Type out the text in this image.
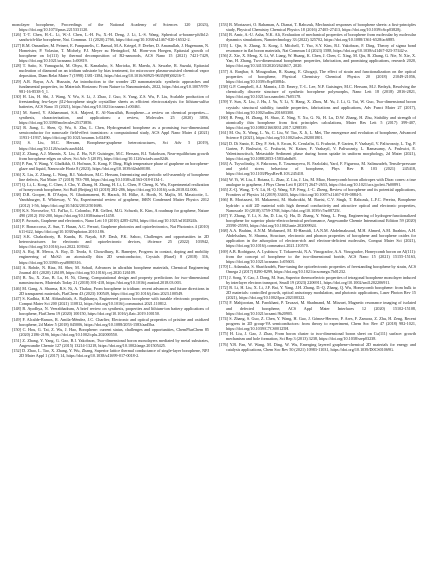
monolayer borophene, Proceedings of the National Academy of Sciences 120 (2023), https://doi.org/10.1073/pnas.2215331120.

[126] T.-T. Chen, H.-L. Li, W.-J. Chen, L.-H. Fu, X.-H. Deng, J. Li, L.-S. Wang, Spherical α-borane-ph3b12: sandwich-like borophene, Nat. Commun. 11 (2020) 2766, https://doi.org/10.1038/s41467-020-16532-2.

[127] R.M. Osnaniker, M. Peinert, E. Fampanelis, C. Bansal, M.A. Kriegel, F. Dreher, D. Amanullah, J. Hagemann, N. Homeister, P. Volastar, T. Michely, P.J. Meyer zu Heringdorf, M. Horn-von Hoegen, Epitaxial growth of borophene on Ir(111) by thermal decomposition of B2-nanorods, ACS Nano 15 (2021) 7421-7429, https://doi.org/10.1021/acsnano.1c00819.

[128] T. Saito, S. Yamaguchi, M. Ohyu, K. Kanakubo, S. Morioka, H. Maeda, A. Sawabe, R. Suzuki, Epitaxial nucleation of diamond on an iridium substrate by bias treatment, for microwave plasma-assisted chemical vapor deposition, Diam Relat Mater 7 (1998) 1381-1384, https://doi.org/10.1016/S0925-9635(98)00216-7.

[129] A.R. Rayar, A.A. Hussain, An introduction to the wonder 2D nanomaterials: synthetic approaches and fundamental properties, in: Materials Horizons: From Nature to Nanomaterials, 2022, https://doi.org/10.1007/978-981-16-8538-5_1.

[130] H. Liu, H. Shi, J. Wang, Y. Wu, S. Li, J. Zhao, J. Guo, S. Yang, Z.S. Wu, F. Liu, Scalable production of freestanding few-layer β12-borophene single crystalline sheets as efficient electrocatalysts for lithium-sulfur batteries, ACS Nano 15 (2021), https://doi.org/10.1021/acsnano.1c00461.

[131] M. Saeed, Y. Alshammari, S.A. Majeed, E. Al-Nasrallah, Borophene—a review on chemical properties—synthesis, characterization, and applications: a review, Molecules 25 (2020) 3856, https://doi.org/10.3390/molecules25173856.

[132] R. Jiang, L. Shen, Q. Wu, S. Zhu, L. Chen, Hydrogenated borophene as a promising two-dimensional semiconductor for nanoscale field-effect transistors: a computational study, ACS Appl Nano Mater 4 (2021) 11931-11937, https://doi.org/10.1021/acsanm.1c02490.

[133] S. Liu, M.C. Hersam, Borophene-graphene heterostructures, Sci Adv 5 (2019), https://doi.org/10.1126/sciadv.aax6444.

[134] Z. Zhang, A.J. Mannix, X. Liu, Z. Hu, N.P. Guisinger, M.C. Hersam, B.I. Yakobson, Near-equilibrium growth from borophene edges on silver, Sci Adv 5 (2019), https://doi.org/10.1126/sciadv.aax0246.

[135] P. Pan, Y. Wang, Y. Gladkikh, O. Hofman, X. Kong, F. Ding, High temperature phase of graphene on borophene-glaze and liquid, Nanoscale Horiz 8 (2023), https://doi.org/10.1039/d2nh00180.

[136] X. Liu, Z. Zhang, L. Wang, B.I. Yakobson, M.C. Hersam, Intermixing and periodic self-assembly of borophene line defects, Nat Mater 17 (2018) 783-788, https://doi.org/10.1038/s41563-018-0134-1.

[137] Q. Li, L. Kong, C. Chen, J. Cho, Y. Zhang, H. Zhang, H. Li, L. Chen, P. Cheng, K. Wu, Experimental realization of honeycomb borophene, Sci Bull (Beijing) 63 (2018) 282-286, https://doi.org/10.1016/j.scib.2018.02.006.

[138] D.R. Gooper, B. D'Anjou, N. Ghattamaneni, B. Harack, M. Hilke, A. Horth, N. Majlis, M. Massicotte, L. Vandsburger, E. Whiteway, V. Yu, Experimental review of graphene, ISRN Condensed Matter Physics 2012 (2012) 1-56, https://doi.org/10.5402/2012/501686.

[139] K.S. Novoselov, V.I. Fal'ko, L. Colombo, P.R. Gellert, M.G. Schwab, K. Kim, A roadmap for graphene, Nature 490 (2012) 192-200, https://doi.org/10.1038/nature11458.

[140] P. Avouris, Graphene and electronics, Nano Lett 10 (2010) 4285-4294, https://doi.org/10.1021/nl102824h.

[141] F. Bonaccorso, Z. Sun, T. Hasan, A.C. Ferrari, Graphene photonics and optoelectronics, Nat Photonics 4 (2010) 611-622, https://doi.org/10.1038/nphoton.2010.186.

[142] S.K. Chakraborty, B. Kundu, B. Nayak, S.P. Dash, P.K. Sahoo, Challenges and opportunities in 2D heterostructures for electronic and optoelectronic devices, iScience 25 (2022) 103942, https://doi.org/10.1016/j.isci.2022.103942.

[143] A. Raj, H. Mercu, A. Roy, D. Teoda, S. Chowdhury, K. Banerjee, Progress in contact, doping and mobility engineering of MoS2: an atomically thin 2D semiconductor, Crystals (Basel) 8 (2018) 316, https://doi.org/10.3390/cryst8080316.

[144] A. Rohde, N. Riaz, M. Sher, M. Sohail, Advances in ultrathin borophene materials, Chemical Engineering Journal 401 (2020) 126109, https://doi.org/10.1016/j.cej.2020.126109.

[145] B. Xu, X. Zuo, B. Lu, H. Ni, Cheng, Computational design and property predictions for two-dimensional nanostructures, Materials Today 21 (2018) 391-418, https://doi.org/10.1016/j.mattod.2018.03.003.

[146] M. Gang, A. Sharma, R.S. Ni, A. Thakur, From borophene to iridium: recent advances and future directions in 2D transparent materials, FlatChem 43 (2023) 100549, https://doi.org/10.1016/j.flatc.2023.100549.

[147] S. Kadhia, K.M. Abbasibitah, A. Rajkhanya, Engineered porous borophene with tunable electronic properties, Comput Mater Sci 200 (2021) 110812, https://doi.org/10.1016/j.commatsci.2021.110812.

[148] B. Ayodhya, N. Veerabhadram, A brief review on synthesis, properties and lithium-ion battery applications of borophene, FlatChem 19 (2020) 100150, https://doi.org/10.1016/j.flatc.2019.100150.

[149] F. Alcalde-Ramos, R. Amila-Méndez, J.C. Charlier, Electronic and optical properties of pristine and oxidized borophene, 2d Mater 5 (2018) 045006, https://doi.org/10.1088/2053-1583/aad5ba.

[150] C. Hou, G. Tai, Z. Wu, J. Hao, Borophene: current status, challenges and opportunities, ChemPlusChem 85 (2020) 2186-2196, https://doi.org/10.1002/cplu.202000550.

[151] Z. Zhang, Y. Yang, G. Gao, B.I. Yakobson, Two-dimensional boron monolayers mediated by metal substrates, Angewandte Chemie 127 (2015) 13214-13218, https://doi.org/10.1002/ange.201505425.

[152] D. Zhao, L. Tao, X. Zhang, Y. Wu, Zhang, Superior lattice thermal conductance of single-layer borophene, NPJ 2D Mater Appl 1 (2017) 14, https://doi.org/10.1038/s41699-017-0018-2.

[153] B. Mortazavi, O. Rahaman, A. Dianat, T. Rabczuk, Mechanical responses of borophene sheets: a first-principles study, Physical Chemistry Chemical Physics 18 (2016) 27405-27413, https://doi.org/10.1039/c6cp03828j.

[154] B. Amir, A.-U. Asha, N.K. Ali, Evaluation of mechanical properties of borophene from molecular by molecular dynamics simulations, Nanotechnology 33 (2022) 325702, https://doi.org/10.1088/1361-6528/ac6885.

[155] L. Qin, S. Zhang, X. Kong, I. Mitchell, T. Yao, S.Y. Kim, B.I. Yakobson, F. Ding, Theory of sigma bond resonance in flat boron materials, Nat Commun 14 (2023) 1588, https://doi.org/10.1038/s41467-023-37442-z.

[156] Z. Xie, X. Meng, X. Li, W. Liang, W. Huang, K. Chen, J. Chen, C. Xing, M. Qiu, B. Zhang, G. Nie, N. Xie, X. Yan, H. Zhang, Two-dimensional borophene: properties, fabrication, and promising applications, research 2020, https://doi.org/10.34133/2020/2624617, 2020.

[157] A. Ranjbar, S. Mougoulian, R. Kuang, E. Ghogaji, The effect of strain and functionalization on the optical properties of borophene, Physical Chemistry Chemical Physics 20 (2018) 21049-21056, https://doi.org/10.1039/c8cp03084c.

[158] G.P. Campbell, A.J. Mannix, J.D. Emery, T.-L. Lee, N.P. Guisinger, M.C. Hersam, M.J. Bedzyk, Resolving the chemically discrete structure of synthetic borophene polymorphs, Nano Lett 18 (2018) 2816-2821, https://doi.org/10.1021/acs.nanolett.7b05178.

[159] Y. Sun, X. Liu, J. Hu, J. Yu, Y. Li, Y. Hang, X. Zhou, M. Yu, J. Li, G. Tai, W. Guo, Two-dimensional boron crystals: structural stability, tunable properties, fabrications and applications, Adv Funct Mater 27 (2017), https://doi.org/10.1002/adfm.201603300.

[160] B. Peng, H. Zhang, H. Shao, Z. Ning, Y. Xu, G. Ni, H. Lu, D.W. Zhang, H. Zhu, Stability and strength of atomically thin borophene from first principles calculations, Mater Res Lett 5 (2017) 399-407, https://doi.org/10.1080/21663831.2017.1298539.

[161] M. Ou, X. Wang, L. Yu, C. Liu, W. Tao, X. Ji, L. Mei, The emergence and evolution of borophene, Advanced Science 8 (2021), https://doi.org/10.1002/advs.202001801.

[162] D. Di Santo, E. Dey, F. Sek, S. Ercan, K. Cerulafin, G. Fruhwirt, P. Garten, F. Vazhayil, V. Paliwozniy, L. Trg, P. Garten, F. Bruhwirt, C. Fruhwirt, W. Kaiser, F. Vazhayil, V. Paliwozniy, L. Ramasamy, A. Fruhwirt, E. Valentinowitsch, Metastable Sediment phase during boron uptake in uniform morphology, 2d Mater (2021), https://doi.org/10.1088/2053-1583/abdbf8.

[163] A. Tsyvolinsky, S. Pakravan, E. Tzuzmayeva, B. Fazlolahi, Yard, F. Figueroa, M. Salimzadeh, Tensile-pressure and yield stress behaviour of borophene, Phys Rev B 103 (2021) 245418, https://doi.org/10.1103/PhysRevB.103.245418.

[164] W. Yi, W. Liu, J. Botana, L. Zhao, Z. Liu, J. Liu, M. Miao, Honeycomb boron allotropes with Dirac cones: a true analogue to graphene, J Phys Chem Lett 8 (2017) 2647-2653, https://doi.org/10.1021/acs.jpclett.7b00891.

[165] Z.-Q. Wang, T.-Y. Lü, H.-Q. Wang, Y.P. Feng, J.-C. Zheng, Review of borophene and its potential applications, Frontiers of Physics 14 (2019) 33403, https://doi.org/10.1007/s11467-019-0884-5.

[166] B. Mortazavi, M. Makaremi, M. Shahrokhi, M. Raeisi, C.V. Singh, T. Rabczuk, L.F.C. Pereira, Borophene hydride: a stiff 2D material with high thermal conductivity and attractive optical and electronic properties, Nanoscale 10 (2018) 3759-3768, https://doi.org/10.1039/c7nr08725f.

[167] Y. Zhang, Y. Li, S. Jin, D. Liu, Q. Hu, D. Zhang, Y. Wang, L. Feng, Engineering of hydrogen-functionalized borophene for superior photo-electrochemical performance, Angewandte Chemie International Edition 59 (2020) 25590-25593, https://doi.org/10.1002/anie.202009924.

[168] A.A. Brahim, A.N.M. Mohamed, M. El-Hamidi, I.A.N.M. Abdelmaksoud, M.H. Ahmed, A.M. Ibrahim, A.H. Abdelsalam, N. Sharma, Structure, electronic and phonon properties of borophene and borophene oxides for application in the adsorption of electron-rich and electron-deficient molecules, Comput Mater Sci (2021), https://doi.org/10.1016/j.commatsci.2021.110570.

[169] A.B. Rodriguez, A. Lyubtsov, T. Tokarevski, N.A. Vinogradov, A.A. Vinogradov, Honeycomb boron on Al(111): from the concept of borophene to the two-dimensional boride, ACS Nano 15 (2021) 15155-15163, https://doi.org/10.1021/acsnano.1c05603.

[170] L. Adamska, S. Sharifzadeh, Fine-tuning the optoelectronic properties of freestanding borophene by strain, ACS Omega 2 (2017) 8290-8299, https://doi.org/10.1021/acsomega.7b01232.

[171] J. Song, Y. Cao, J. Dong, M. Sun, Superior thermoelectric properties of tetragonal borophene monolayer induced by interlayer electron transport, Small 19 (2023) 2206911, https://doi.org/10.1002/smll.202206911.

[172] B. Li, H. Liu, X. Li, J.F. Bai, Y. Yang, J.H. Zhang, D.-Q. Zhang, Q. Wu, Honeycomb borophene: from bulk to 2D materials: controlled growth, optical anisotropy modulation, and photonic applications, Laser Photon Rev 15 (2021), https://doi.org/10.1002/lpor.202100322.

[173] F. Mahjoorian, M. Farokhani, P. Tavazzi, M. Shadmand, M. Mirzaei, Magnetic resonance imaging of isolated and defected borophene, ACS Appl Mater Interfaces 12 (2020) 15102-15108, https://doi.org/10.1021/acsami.9b20905.

[174] S. Zhang, S. Guo, Z. Chen, Y. Wang, H. Gao, J. Gómez-Herrero, P. Ares, F. Zamora, Z. Zhu, H. Zeng, Recent progress in 2D group-VA semiconductors: from theory to experiment, Chem Soc Rev 47 (2018) 982-1021, https://doi.org/10.1039/C7CS00125H.

[175] H. Liu, J. Gao, J. Zhao, From boron cluster to two-dimensional boron sheet on Cu(111) surface: growth mechanism and hole formation, Sci Rep 3 (2013) 3238, https://doi.org/10.1038/srep03238.

[176] Y.B. Fan, W. Wang, M. Ding, W. Wu, Emerging layered graphene-chemical 2D materials for energy and catalysis applications, Chem Soc Rev 50 (2021) 10983-11031, https://doi.org/10.1039/D0CS01069G.
